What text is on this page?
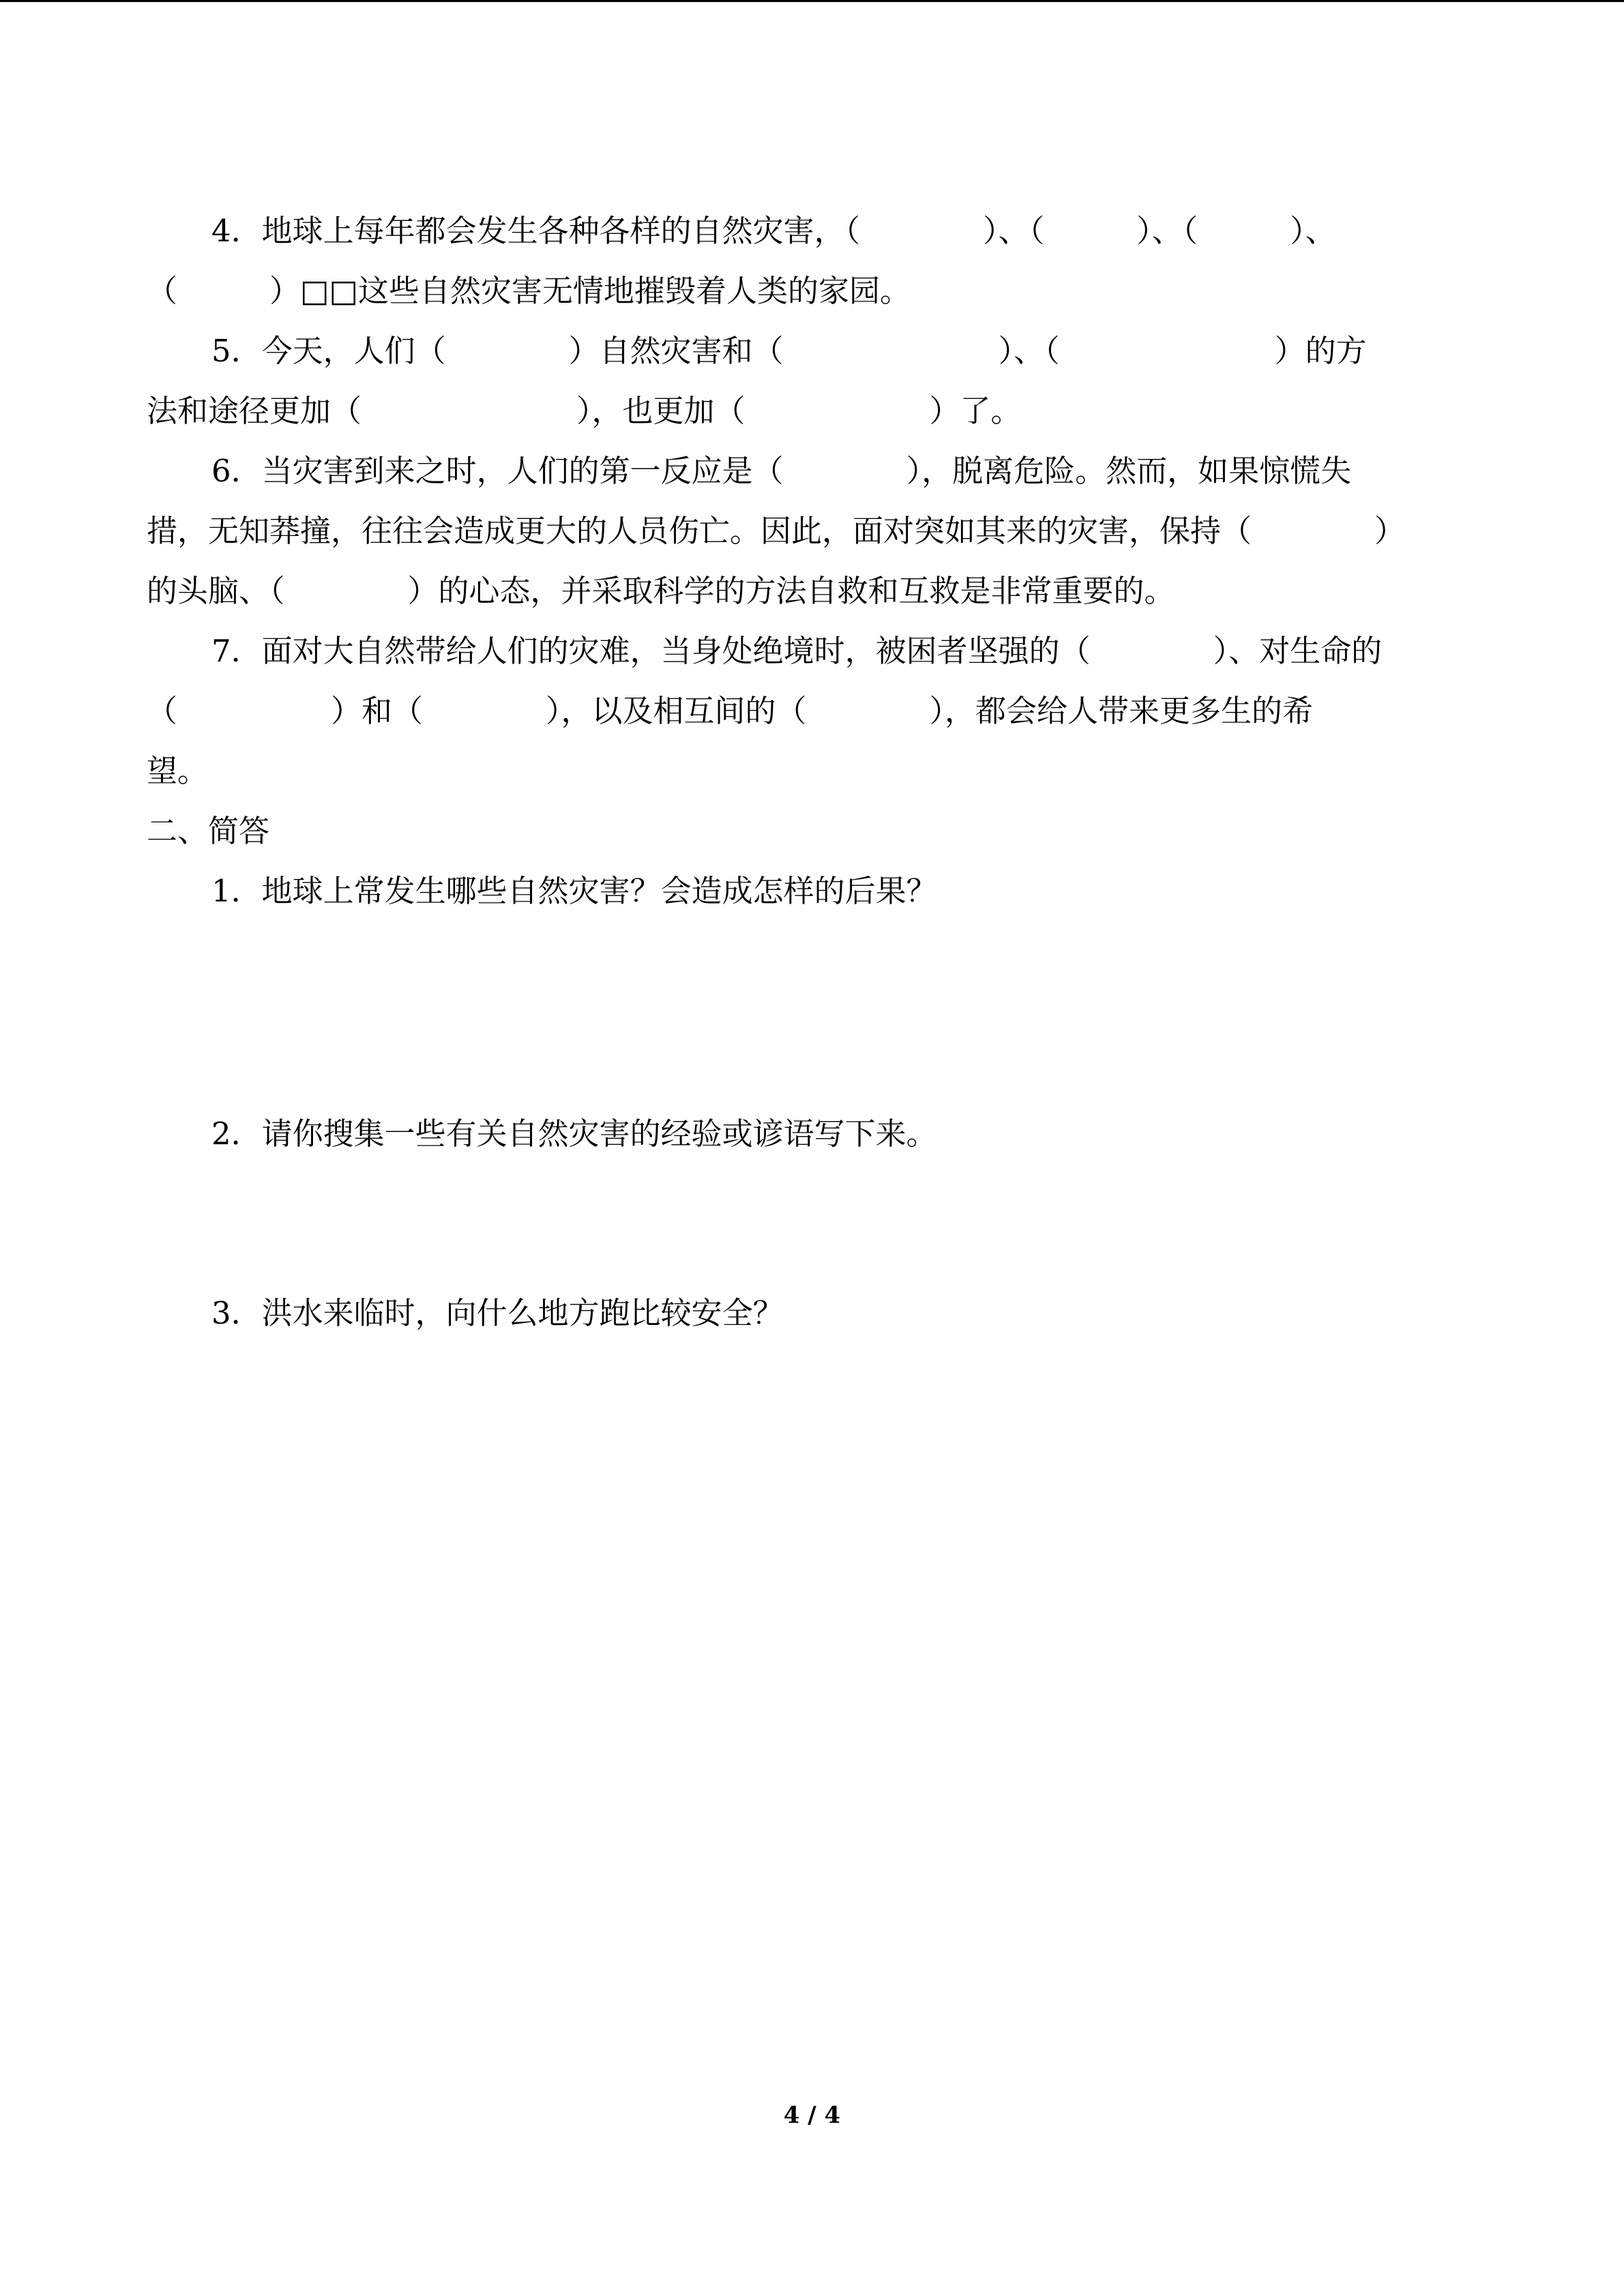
4．地球上每年都会发生各种各样的自然灾害，（　　　　）、（　　　）、（　　　）、

（　　　）□□这些自然灾害无情地摧毁着人类的家园。

5．今天，人们（　　　　）自然灾害和（　　　　　　　）、（　　　　　　　）的方

法和途径更加（　　　　　　　），也更加（　　　　　　）了。

6．当灾害到来之时，人们的第一反应是（　　　　），脱离危险。然而，如果惊慌失

措，无知莽撞，往往会造成更大的人员伤亡。因此，面对突如其来的灾害，保持（　　　　）

的头脑、（　　　　）的心态，并采取科学的方法自救和互救是非常重要的。

7．面对大自然带给人们的灾难，当身处绝境时，被困者坚强的（　　　　）、对生命的

（　　　　　）和（　　　　），以及相互间的（　　　　），都会给人带来更多生的希

望。

二、简答

1．地球上常发生哪些自然灾害？会造成怎样的后果？

2．请你搜集一些有关自然灾害的经验或谚语写下来。

3．洪水来临时，向什么地方跑比较安全？

4 / 4
